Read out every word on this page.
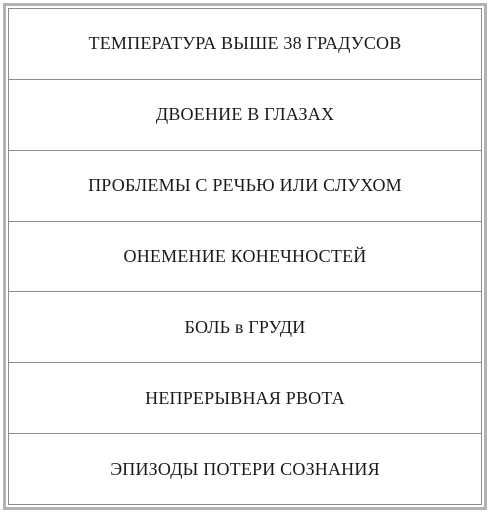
ТЕМПЕРАТУРА ВЫШЕ 38 ГРАДУСОВ
ДВОЕНИЕ В ГЛАЗАХ
ПРОБЛЕМЫ С РЕЧЬЮ ИЛИ СЛУХОМ
ОНЕМЕНИЕ КОНЕЧНОСТЕЙ
БОЛЬ в ГРУДИ
НЕПРЕРЫВНАЯ РВОТА
ЭПИЗОДЫ ПОТЕРИ СОЗНАНИЯ
